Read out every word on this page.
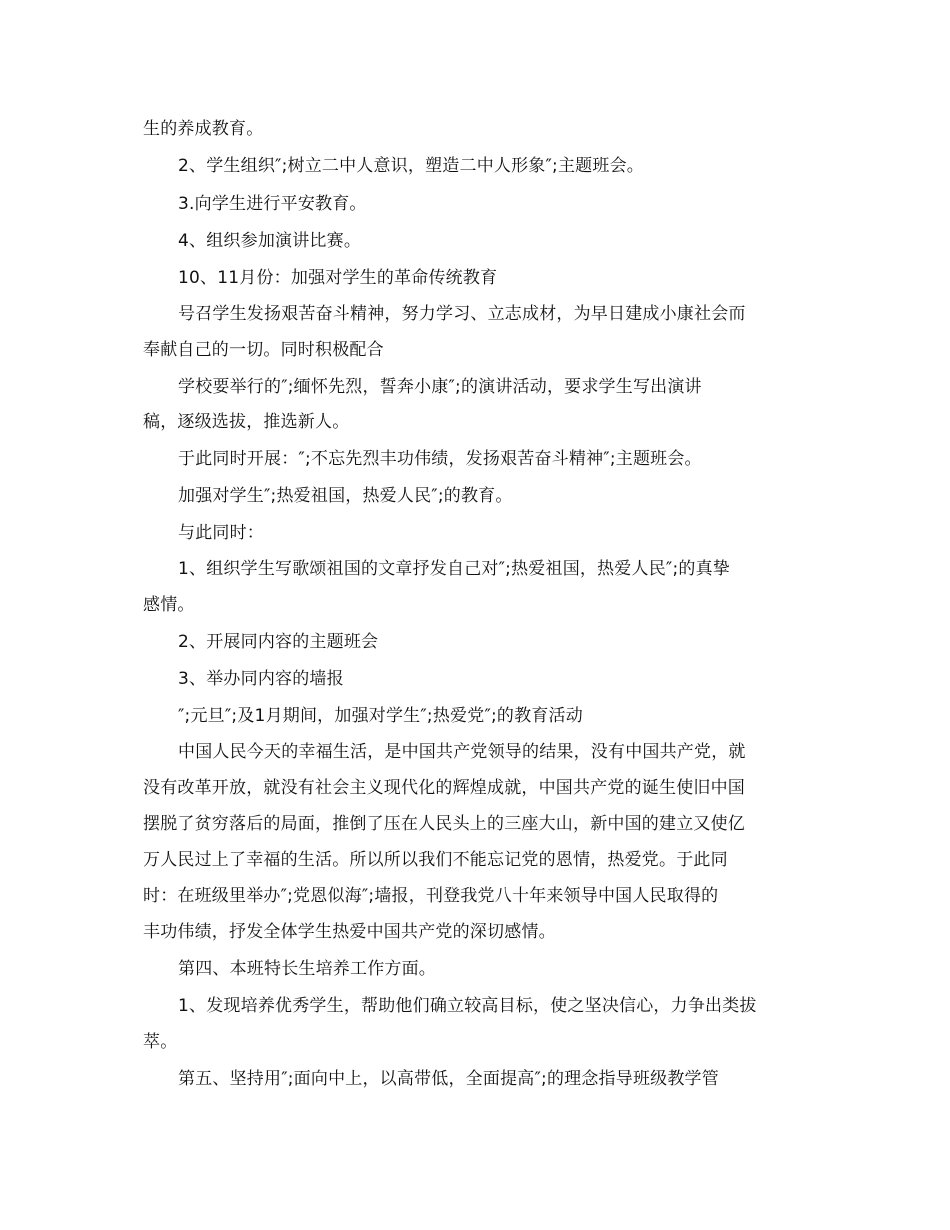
生的养成教育。
2、学生组织″;树立二中人意识，塑造二中人形象″;主题班会。
3.向学生进行平安教育。
4、组织参加演讲比赛。
10、11月份：加强对学生的革命传统教育
号召学生发扬艰苦奋斗精神，努力学习、立志成材，为早日建成小康社会而
奉献自己的一切。同时积极配合
学校要举行的″;缅怀先烈，誓奔小康″;的演讲活动，要求学生写出演讲
稿，逐级选拔，推选新人。
于此同时开展：″;不忘先烈丰功伟绩，发扬艰苦奋斗精神″;主题班会。
加强对学生″;热爱祖国，热爱人民″;的教育。
与此同时：
1、组织学生写歌颂祖国的文章抒发自己对″;热爱祖国，热爱人民″;的真挚
感情。
2、开展同内容的主题班会
3、举办同内容的墙报
″;元旦″;及1月期间，加强对学生″;热爱党″;的教育活动
中国人民今天的幸福生活，是中国共产党领导的结果，没有中国共产党，就
没有改革开放，就没有社会主义现代化的辉煌成就，中国共产党的诞生使旧中国
摆脱了贫穷落后的局面，推倒了压在人民头上的三座大山，新中国的建立又使亿
万人民过上了幸福的生活。所以所以我们不能忘记党的恩情，热爱党。于此同
时：在班级里举办″;党恩似海″;墙报，刊登我党八十年来领导中国人民取得的
丰功伟绩，抒发全体学生热爱中国共产党的深切感情。
第四、本班特长生培养工作方面。
1、发现培养优秀学生，帮助他们确立较高目标，使之坚决信心，力争出类拔
萃。
第五、坚持用″;面向中上，以高带低，全面提高″;的理念指导班级教学管
